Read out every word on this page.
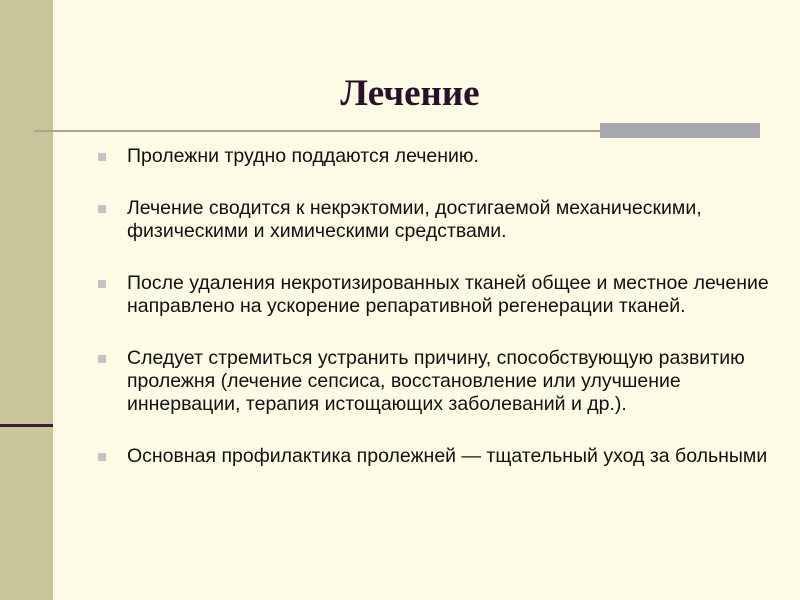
Лечение
Пролежни трудно поддаются лечению.
Лечение сводится к некрэктомии, достигаемой механическими, физическими и химическими средствами.
После удаления некротизированных тканей общее и местное лечение направлено на ускорение репаративной регенерации тканей.
Следует стремиться устранить причину, способствующую развитию пролежня (лечение сепсиса, восстановление или улучшение иннервации, терапия истощающих заболеваний и др.).
Основная профилактика пролежней — тщательный уход за больными
